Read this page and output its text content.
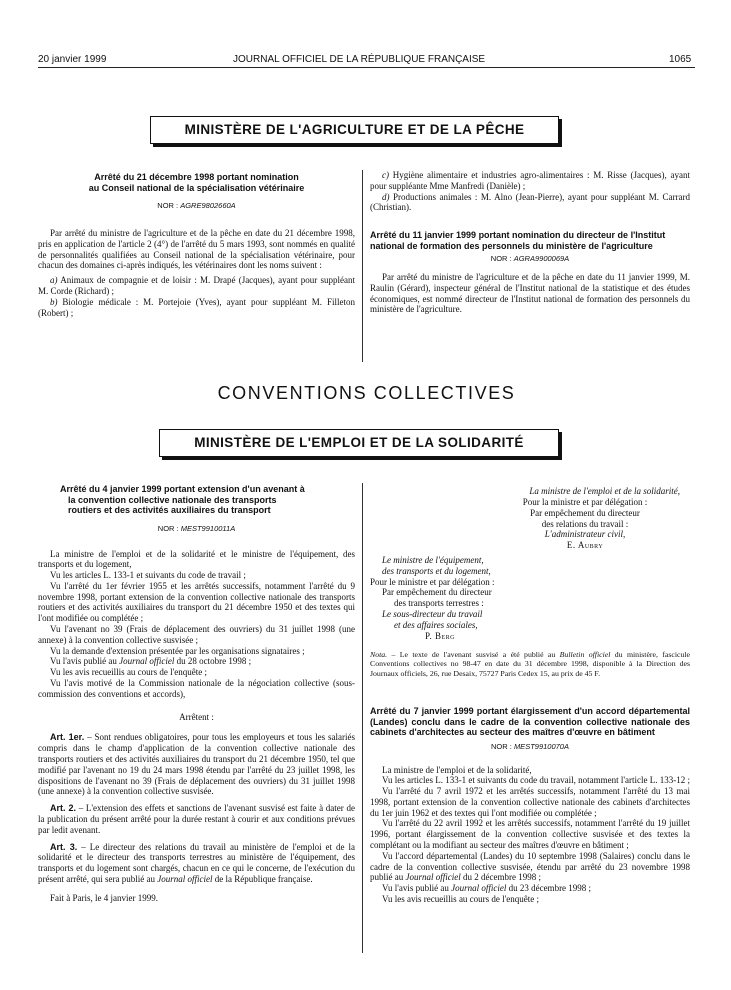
20 janvier 1999	JOURNAL OFFICIEL DE LA RÉPUBLIQUE FRANÇAISE	1065
MINISTÈRE DE L'AGRICULTURE ET DE LA PÊCHE
Arrêté du 21 décembre 1998 portant nomination
au Conseil national de la spécialisation vétérinaire
NOR : AGRE9802660A

Par arrêté du ministre de l'agriculture et de la pêche en date du 21 décembre 1998, pris en application de l'article 2 (4°) de l'arrêté du 5 mars 1993, sont nommés en qualité de personnalités qualifiées au Conseil national de la spécialisation vétérinaire, pour chacun des domaines ci-après indiqués, les vétérinaires dont les noms suivent :

a) Animaux de compagnie et de loisir : M. Drapé (Jacques), ayant pour suppléant M. Corde (Richard) ;

b) Biologie médicale : M. Portejoie (Yves), ayant pour suppléant M. Filleton (Robert) ;

c) Hygiène alimentaire et industries agro-alimentaires : M. Risse (Jacques), ayant pour suppléante Mme Manfredi (Danièle) ;

d) Productions animales : M. Alno (Jean-Pierre), ayant pour suppléant M. Carrard (Christian).

Arrêté du 11 janvier 1999 portant nomination du directeur de l'Institut national de formation des personnels du ministère de l'agriculture
NOR : AGRA9900069A

Par arrêté du ministre de l'agriculture et de la pêche en date du 11 janvier 1999, M. Raulin (Gérard), inspecteur général de l'Institut national de la statistique et des études économiques, est nommé directeur de l'Institut national de formation des personnels du ministère de l'agriculture.

CONVENTIONS COLLECTIVES
MINISTÈRE DE L'EMPLOI ET DE LA SOLIDARITÉ
Arrêté du 4 janvier 1999 portant extension d'un avenant à
la convention collective nationale des transports
routiers et des activités auxiliaires du transport
NOR : MEST9910011A

La ministre de l'emploi et de la solidarité et le ministre de l'équipement, des transports et du logement,

Vu les articles L. 133-1 et suivants du code de travail ;

Vu l'arrêté du 1er février 1955 et les arrêtés successifs, notamment l'arrêté du 9 novembre 1998, portant extension de la convention collective nationale des transports routiers et des activités auxiliaires du transport du 21 décembre 1950 et des textes qui l'ont modifiée ou complétée ;

Vu l'avenant no 39 (Frais de déplacement des ouvriers) du 31 juillet 1998 (une annexe) à la convention collective susvisée ;

Vu la demande d'extension présentée par les organisations signataires ;

Vu l'avis publié au Journal officiel du 28 octobre 1998 ;

Vu les avis recueillis au cours de l'enquête ;

Vu l'avis motivé de la Commission nationale de la négociation collective (sous-commission des conventions et accords),

Arrêtent :

Art. 1er. – Sont rendues obligatoires, pour tous les employeurs et tous les salariés compris dans le champ d'application de la convention collective nationale des transports routiers et des activités auxiliaires du transport du 21 décembre 1950, tel que modifié par l'avenant no 19 du 24 mars 1998 étendu par l'arrêté du 23 juillet 1998, les dispositions de l'avenant no 39 (Frais de déplacement des ouvriers) du 31 juillet 1998 (une annexe) à la convention collective susvisée.

Art. 2. – L'extension des effets et sanctions de l'avenant susvisé est faite à dater de la publication du présent arrêté pour la durée restant à courir et aux conditions prévues par ledit avenant.

Art. 3. – Le directeur des relations du travail au ministère de l'emploi et de la solidarité et le directeur des transports terrestres au ministère de l'équipement, des transports et du logement sont chargés, chacun en ce qui le concerne, de l'exécution du présent arrêté, qui sera publié au Journal officiel de la République française.

Fait à Paris, le 4 janvier 1999.

La ministre de l'emploi et de la solidarité,
Pour la ministre et par délégation :
Par empêchement du directeur
des relations du travail :
L'administrateur civil,
E. Aubry
Le ministre de l'équipement,
des transports et du logement,
Pour le ministre et par délégation :
Par empêchement du directeur
des transports terrestres :
Le sous-directeur du travail
et des affaires sociales,
P. Berg
Nota. – Le texte de l'avenant susvisé a été publié au Bulletin officiel du ministère, fascicule Conventions collectives no 98-47 en date du 31 décembre 1998, disponible à la Direction des Journaux officiels, 26, rue Desaix, 75727 Paris Cedex 15, au prix de 45 F.
Arrêté du 7 janvier 1999 portant élargissement d'un accord départemental (Landes) conclu dans le cadre de la convention collective nationale des cabinets d'architectes au secteur des maîtres d'œuvre en bâtiment
NOR : MEST9910070A

La ministre de l'emploi et de la solidarité,

Vu les articles L. 133-1 et suivants du code du travail, notamment l'article L. 133-12 ;

Vu l'arrêté du 7 avril 1972 et les arrêtés successifs, notamment l'arrêté du 13 mai 1998, portant extension de la convention collective nationale des cabinets d'architectes du 1er juin 1962 et des textes qui l'ont modifiée ou complétée ;

Vu l'arrêté du 22 avril 1992 et les arrêtés successifs, notamment l'arrêté du 19 juillet 1996, portant élargissement de la convention collective susvisée et des textes la complétant ou la modifiant au secteur des maîtres d'œuvre en bâtiment ;

Vu l'accord départemental (Landes) du 10 septembre 1998 (Salaires) conclu dans le cadre de la convention collective susvisée, étendu par arrêté du 23 novembre 1998 publié au Journal officiel du 2 décembre 1998 ;

Vu l'avis publié au Journal officiel du 23 décembre 1998 ;

Vu les avis recueillis au cours de l'enquête ;
